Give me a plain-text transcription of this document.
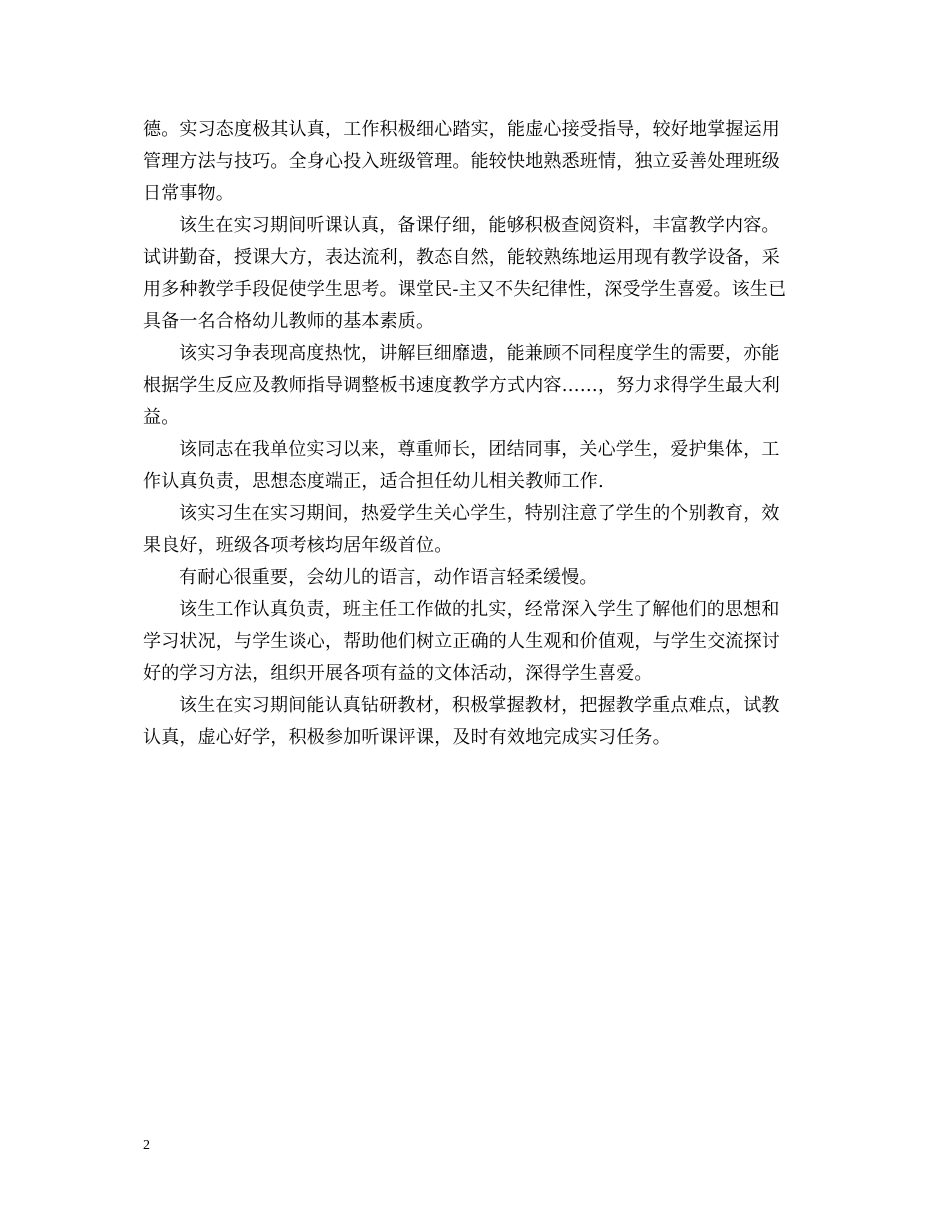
德。实习态度极其认真，工作积极细心踏实，能虚心接受指导，较好地掌握运用
管理方法与技巧。全身心投入班级管理。能较快地熟悉班情，独立妥善处理班级
日常事物。
该生在实习期间听课认真，备课仔细，能够积极查阅资料，丰富教学内容。
试讲勤奋，授课大方，表达流利，教态自然，能较熟练地运用现有教学设备，采
用多种教学手段促使学生思考。课堂民-主又不失纪律性，深受学生喜爱。该生已
具备一名合格幼儿教师的基本素质。
该实习争表现高度热忱，讲解巨细靡遗，能兼顾不同程度学生的需要，亦能
根据学生反应及教师指导调整板书速度教学方式内容……，努力求得学生最大利
益。
该同志在我单位实习以来，尊重师长，团结同事，关心学生，爱护集体，工
作认真负责，思想态度端正，适合担任幼儿相关教师工作.
该实习生在实习期间，热爱学生关心学生，特别注意了学生的个别教育，效
果良好，班级各项考核均居年级首位。
有耐心很重要，会幼儿的语言，动作语言轻柔缓慢。
该生工作认真负责，班主任工作做的扎实，经常深入学生了解他们的思想和
学习状况，与学生谈心，帮助他们树立正确的人生观和价值观，与学生交流探讨
好的学习方法，组织开展各项有益的文体活动，深得学生喜爱。
该生在实习期间能认真钻研教材，积极掌握教材，把握教学重点难点，试教
认真，虚心好学，积极参加听课评课，及时有效地完成实习任务。
2
